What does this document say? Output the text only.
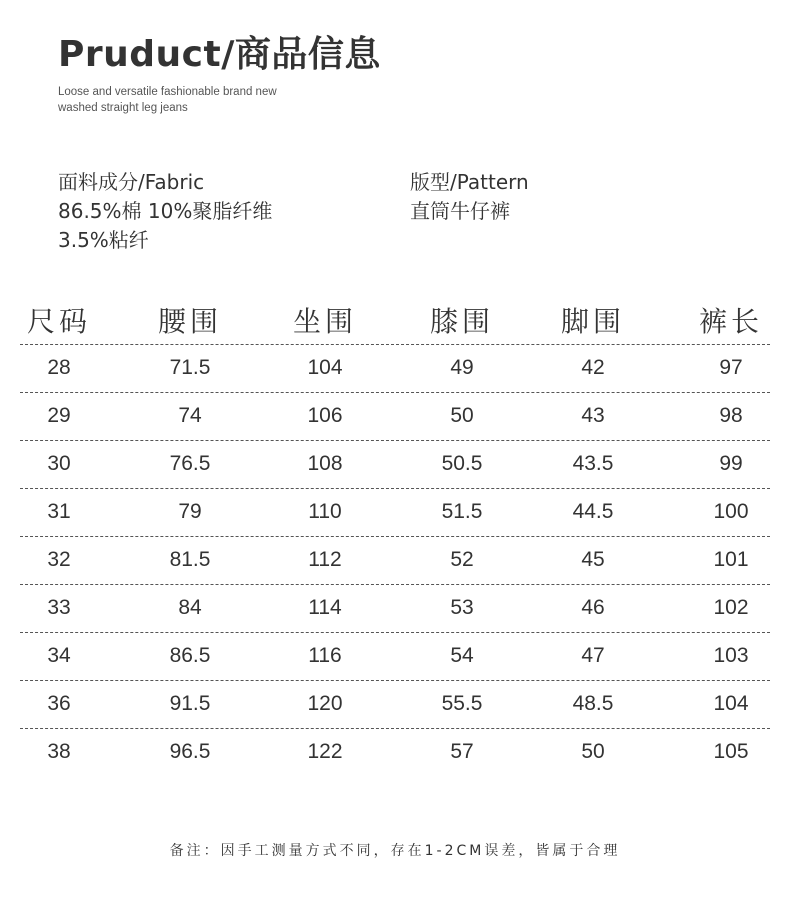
Pruduct/商品信息
Loose and versatile fashionable brand new
washed straight leg jeans
面料成分/Fabric
86.5%棉 10%聚脂纤维
3.5%粘纤
版型/Pattern
直筒牛仔裤
尺码	腰围	坐围	膝围	脚围	裤长
28	71.5	104	49	42	97
29	74	106	50	43	98
30	76.5	108	50.5	43.5	99
31	79	110	51.5	44.5	100
32	81.5	112	52	45	101
33	84	114	53	46	102
34	86.5	116	54	47	103
36	91.5	120	55.5	48.5	104
38	96.5	122	57	50	105
备注：因手工测量方式不同，存在1-2CM误差，皆属于合理
